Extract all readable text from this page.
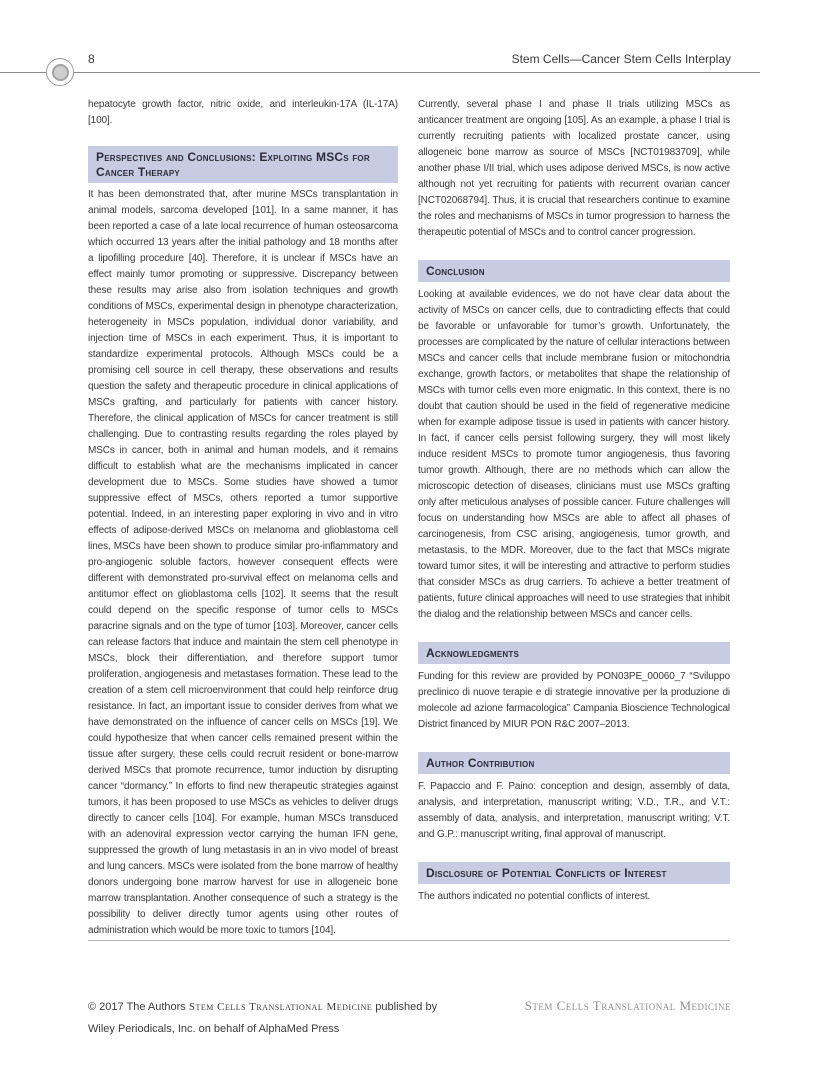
8	Stem Cells—Cancer Stem Cells Interplay

hepatocyte growth factor, nitric oxide, and interleukin-17A (IL-17A) [100].

Perspectives and Conclusions: Exploiting MSCs for Cancer Therapy

It has been demonstrated that, after murine MSCs transplantation in animal models, sarcoma developed [101]. In a same manner, it has been reported a case of a late local recurrence of human osteosarcoma which occurred 13 years after the initial pathology and 18 months after a lipofilling procedure [40]. Therefore, it is unclear if MSCs have an effect mainly tumor promoting or suppressive. Discrepancy between these results may arise also from isolation techniques and growth conditions of MSCs, experimental design in phenotype characterization, heterogeneity in MSCs population, individual donor variability, and injection time of MSCs in each experiment. Thus, it is important to standardize experimental protocols. Although MSCs could be a promising cell source in cell therapy, these observations and results question the safety and therapeutic procedure in clinical applications of MSCs grafting, and particularly for patients with cancer history. Therefore, the clinical application of MSCs for cancer treatment is still challenging. Due to contrasting results regarding the roles played by MSCs in cancer, both in animal and human models, and it remains difficult to establish what are the mechanisms implicated in cancer development due to MSCs. Some studies have showed a tumor suppressive effect of MSCs, others reported a tumor supportive potential. Indeed, in an interesting paper exploring in vivo and in vitro effects of adipose-derived MSCs on melanoma and glioblastoma cell lines, MSCs have been shown to produce similar pro-inflammatory and pro-angiogenic soluble factors, however consequent effects were different with demonstrated pro-survival effect on melanoma cells and antitumor effect on glioblastoma cells [102]. It seems that the result could depend on the specific response of tumor cells to MSCs paracrine signals and on the type of tumor [103]. Moreover, cancer cells can release factors that induce and maintain the stem cell phenotype in MSCs, block their differentiation, and therefore support tumor proliferation, angiogenesis and metastases formation. These lead to the creation of a stem cell microenvironment that could help reinforce drug resistance. In fact, an important issue to consider derives from what we have demonstrated on the influence of cancer cells on MSCs [19]. We could hypothesize that when cancer cells remained present within the tissue after surgery, these cells could recruit resident or bone-marrow derived MSCs that promote recurrence, tumor induction by disrupting cancer “dormancy.” In efforts to find new therapeutic strategies against tumors, it has been proposed to use MSCs as vehicles to deliver drugs directly to cancer cells [104]. For example, human MSCs transduced with an adenoviral expression vector carrying the human IFN gene, suppressed the growth of lung metastasis in an in vivo model of breast and lung cancers. MSCs were isolated from the bone marrow of healthy donors undergoing bone marrow harvest for use in allogeneic bone marrow transplantation. Another consequence of such a strategy is the possibility to deliver directly tumor agents using other routes of administration which would be more toxic to tumors [104].

Currently, several phase I and phase II trials utilizing MSCs as anticancer treatment are ongoing [105]. As an example, a phase I trial is currently recruiting patients with localized prostate cancer, using allogeneic bone marrow as source of MSCs [NCT01983709], while another phase I/II trial, which uses adipose derived MSCs, is now active although not yet recruiting for patients with recurrent ovarian cancer [NCT02068794]. Thus, it is crucial that researchers continue to examine the roles and mechanisms of MSCs in tumor progression to harness the therapeutic potential of MSCs and to control cancer progression.

Conclusion

Looking at available evidences, we do not have clear data about the activity of MSCs on cancer cells, due to contradicting effects that could be favorable or unfavorable for tumor’s growth. Unfortunately, the processes are complicated by the nature of cellular interactions between MSCs and cancer cells that include membrane fusion or mitochondria exchange, growth factors, or metabolites that shape the relationship of MSCs with tumor cells even more enigmatic. In this context, there is no doubt that caution should be used in the field of regenerative medicine when for example adipose tissue is used in patients with cancer history. In fact, if cancer cells persist following surgery, they will most likely induce resident MSCs to promote tumor angiogenesis, thus favoring tumor growth. Although, there are no methods which can allow the microscopic detection of diseases, clinicians must use MSCs grafting only after meticulous analyses of possible cancer. Future challenges will focus on understanding how MSCs are able to affect all phases of carcinogenesis, from CSC arising, angiogenesis, tumor growth, and metastasis, to the MDR. Moreover, due to the fact that MSCs migrate toward tumor sites, it will be interesting and attractive to perform studies that consider MSCs as drug carriers. To achieve a better treatment of patients, future clinical approaches will need to use strategies that inhibit the dialog and the relationship between MSCs and cancer cells.

Acknowledgments

Funding for this review are provided by PON03PE_00060_7 “Sviluppo preclinico di nuove terapie e di strategie innovative per la produzione di molecole ad azione farmacologica” Campania Bioscience Technological District financed by MIUR PON R&C 2007–2013.

Author Contribution

F. Papaccio and F. Paino: conception and design, assembly of data, analysis, and interpretation, manuscript writing; V.D., T.R., and V.T.: assembly of data, analysis, and interpretation, manuscript writing; V.T. and G.P.: manuscript writing, final approval of manuscript.

Disclosure of Potential Conflicts of Interest

The authors indicated no potential conflicts of interest.

© 2017 The Authors Stem Cells Translational Medicine published by
Wiley Periodicals, Inc. on behalf of AlphaMed Press
Stem Cells Translational Medicine
